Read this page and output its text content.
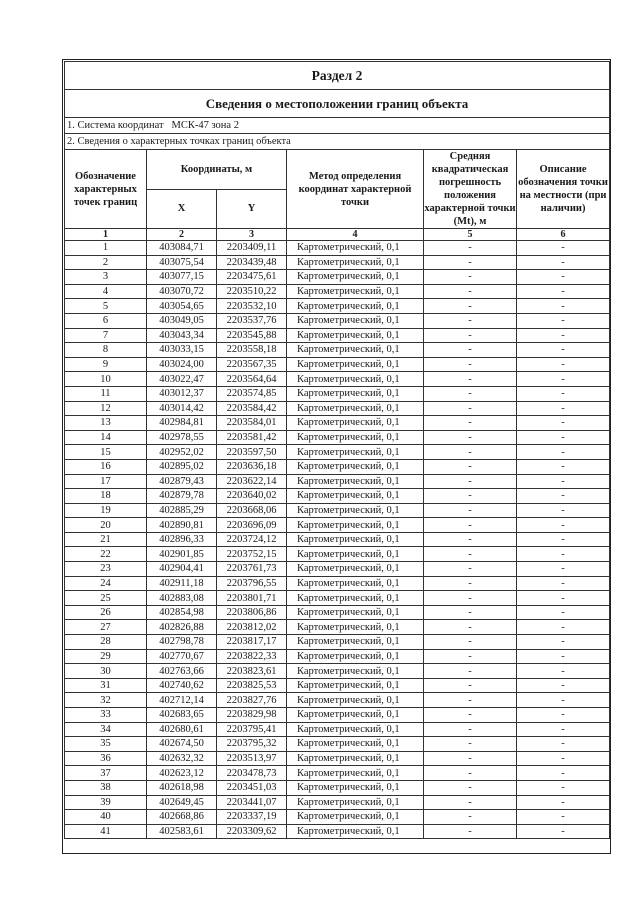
Раздел 2					
Сведения о местоположении границ объекта					
1. Система координат   МСК-47 зона 2					
2. Сведения о характерных точках границ объекта					
Обозначение характерных точек границ	Координаты, м		Метод определения координат характерной точки	Средняя квадратическая погрешность положения характерной точки (Mt), м	Описание обозначения точки на местности (при наличии)
	X	Y			
1	2	3	4	5	6
1	403084,71	2203409,11	Картометрический, 0,1	-	-
2	403075,54	2203439,48	Картометрический, 0,1	-	-
3	403077,15	2203475,61	Картометрический, 0,1	-	-
4	403070,72	2203510,22	Картометрический, 0,1	-	-
5	403054,65	2203532,10	Картометрический, 0,1	-	-
6	403049,05	2203537,76	Картометрический, 0,1	-	-
7	403043,34	2203545,88	Картометрический, 0,1	-	-
8	403033,15	2203558,18	Картометрический, 0,1	-	-
9	403024,00	2203567,35	Картометрический, 0,1	-	-
10	403022,47	2203564,64	Картометрический, 0,1	-	-
11	403012,37	2203574,85	Картометрический, 0,1	-	-
12	403014,42	2203584,42	Картометрический, 0,1	-	-
13	402984,81	2203584,01	Картометрический, 0,1	-	-
14	402978,55	2203581,42	Картометрический, 0,1	-	-
15	402952,02	2203597,50	Картометрический, 0,1	-	-
16	402895,02	2203636,18	Картометрический, 0,1	-	-
17	402879,43	2203622,14	Картометрический, 0,1	-	-
18	402879,78	2203640,02	Картометрический, 0,1	-	-
19	402885,29	2203668,06	Картометрический, 0,1	-	-
20	402890,81	2203696,09	Картометрический, 0,1	-	-
21	402896,33	2203724,12	Картометрический, 0,1	-	-
22	402901,85	2203752,15	Картометрический, 0,1	-	-
23	402904,41	2203761,73	Картометрический, 0,1	-	-
24	402911,18	2203796,55	Картометрический, 0,1	-	-
25	402883,08	2203801,71	Картометрический, 0,1	-	-
26	402854,98	2203806,86	Картометрический, 0,1	-	-
27	402826,88	2203812,02	Картометрический, 0,1	-	-
28	402798,78	2203817,17	Картометрический, 0,1	-	-
29	402770,67	2203822,33	Картометрический, 0,1	-	-
30	402763,66	2203823,61	Картометрический, 0,1	-	-
31	402740,62	2203825,53	Картометрический, 0,1	-	-
32	402712,14	2203827,76	Картометрический, 0,1	-	-
33	402683,65	2203829,98	Картометрический, 0,1	-	-
34	402680,61	2203795,41	Картометрический, 0,1	-	-
35	402674,50	2203795,32	Картометрический, 0,1	-	-
36	402632,32	2203513,97	Картометрический, 0,1	-	-
37	402623,12	2203478,73	Картометрический, 0,1	-	-
38	402618,98	2203451,03	Картометрический, 0,1	-	-
39	402649,45	2203441,07	Картометрический, 0,1	-	-
40	402668,86	2203337,19	Картометрический, 0,1	-	-
41	402583,61	2203309,62	Картометрический, 0,1	-	-
